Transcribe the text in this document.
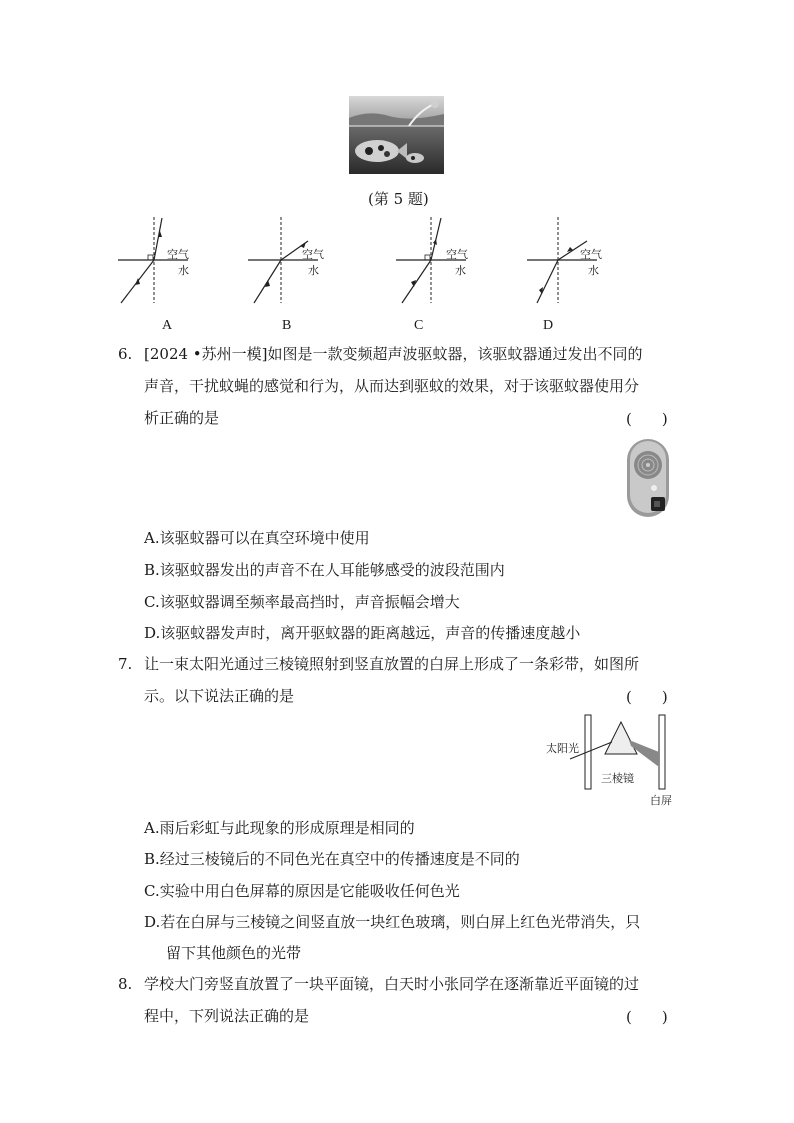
(第 5 题)
空气
水
空气
水
空气
水
空气
水
A	B	C	D
6. [2024 •苏州一模]如图是一款变频超声波驱蚊器，该驱蚊器通过发出不同的
声音，干扰蚊蝇的感觉和行为，从而达到驱蚊的效果，对于该驱蚊器使用分
析正确的是	(　　)
A.该驱蚊器可以在真空环境中使用
B.该驱蚊器发出的声音不在人耳能够感受的波段范围内
C.该驱蚊器调至频率最高挡时，声音振幅会增大
D.该驱蚊器发声时，离开驱蚊器的距离越远，声音的传播速度越小
7. 让一束太阳光通过三棱镜照射到竖直放置的白屏上形成了一条彩带，如图所
示。以下说法正确的是	(　　)
太阳光
三棱镜
白屏
A.雨后彩虹与此现象的形成原理是相同的
B.经过三棱镜后的不同色光在真空中的传播速度是不同的
C.实验中用白色屏幕的原因是它能吸收任何色光
D.若在白屏与三棱镜之间竖直放一块红色玻璃，则白屏上红色光带消失，只
留下其他颜色的光带
8. 学校大门旁竖直放置了一块平面镜，白天时小张同学在逐渐靠近平面镜的过
程中，下列说法正确的是	(　　)
